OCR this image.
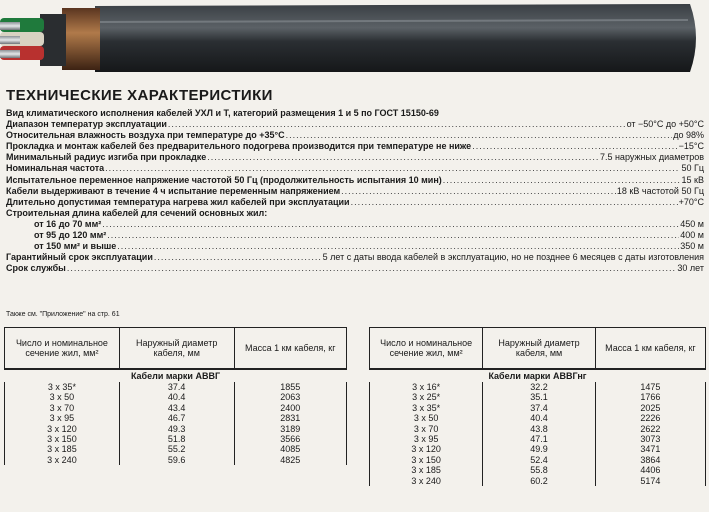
ТЕХНИЧЕСКИЕ ХАРАКТЕРИСТИКИ
Вид климатического исполнения кабелей УХЛ и Т, категорий размещения 1 и 5 по ГОСТ 15150-69
Диапазон температур эксплуатации .....	от −50°С до +50°С
Относительная влажность воздуха при температуре до +35°С .....	до 98%
Прокладка и монтаж кабелей без предварительного подогрева производится при температуре не ниже .....	−15°С
Минимальный радиус изгиба при прокладке .....	7.5 наружных диаметров
Номинальная частота .....	50 Гц
Испытательное переменное напряжение частотой 50 Гц (продолжительность испытания 10 мин) .....	15 кВ
Кабели выдерживают в течение 4 ч испытание переменным напряжением .....	18 кВ частотой 50 Гц
Длительно допустимая температура нагрева жил кабелей при эксплуатации .....	+70°С
Строительная длина кабелей для сечений основных жил:
от 16 до 70 мм² .....	450 м
от 95 до 120 мм² .....	400 м
от 150 мм² и выше .....	350 м
Гарантийный срок эксплуатации .....	5 лет с даты ввода кабелей в эксплуатацию, но не позднее 6 месяцев с даты изготовления
Срок службы .....	30 лет
Также см. "Приложение" на стр. 61
Число и номинальное сечение жил, мм²	Наружный диаметр кабеля, мм	Масса 1 км кабеля, кг
Кабели марки АВВГ		
3 х 35*	37.4	1855
3 х 50	40.4	2063
3 х 70	43.4	2400
3 х 95	46.7	2831
3 х 120	49.3	3189
3 х 150	51.8	3566
3 х 185	55.2	4085
3 х 240	59.6	4825
Число и номинальное сечение жил, мм²	Наружный диаметр кабеля, мм	Масса 1 км кабеля, кг
Кабели марки АВВГнг		
3 х 16*	32.2	1475
3 х 25*	35.1	1766
3 х 35*	37.4	2025
3 х 50	40.4	2226
3 х 70	43.8	2622
3 х 95	47.1	3073
3 х 120	49.9	3471
3 х 150	52.4	3864
3 х 185	55.8	4406
3 х 240	60.2	5174
